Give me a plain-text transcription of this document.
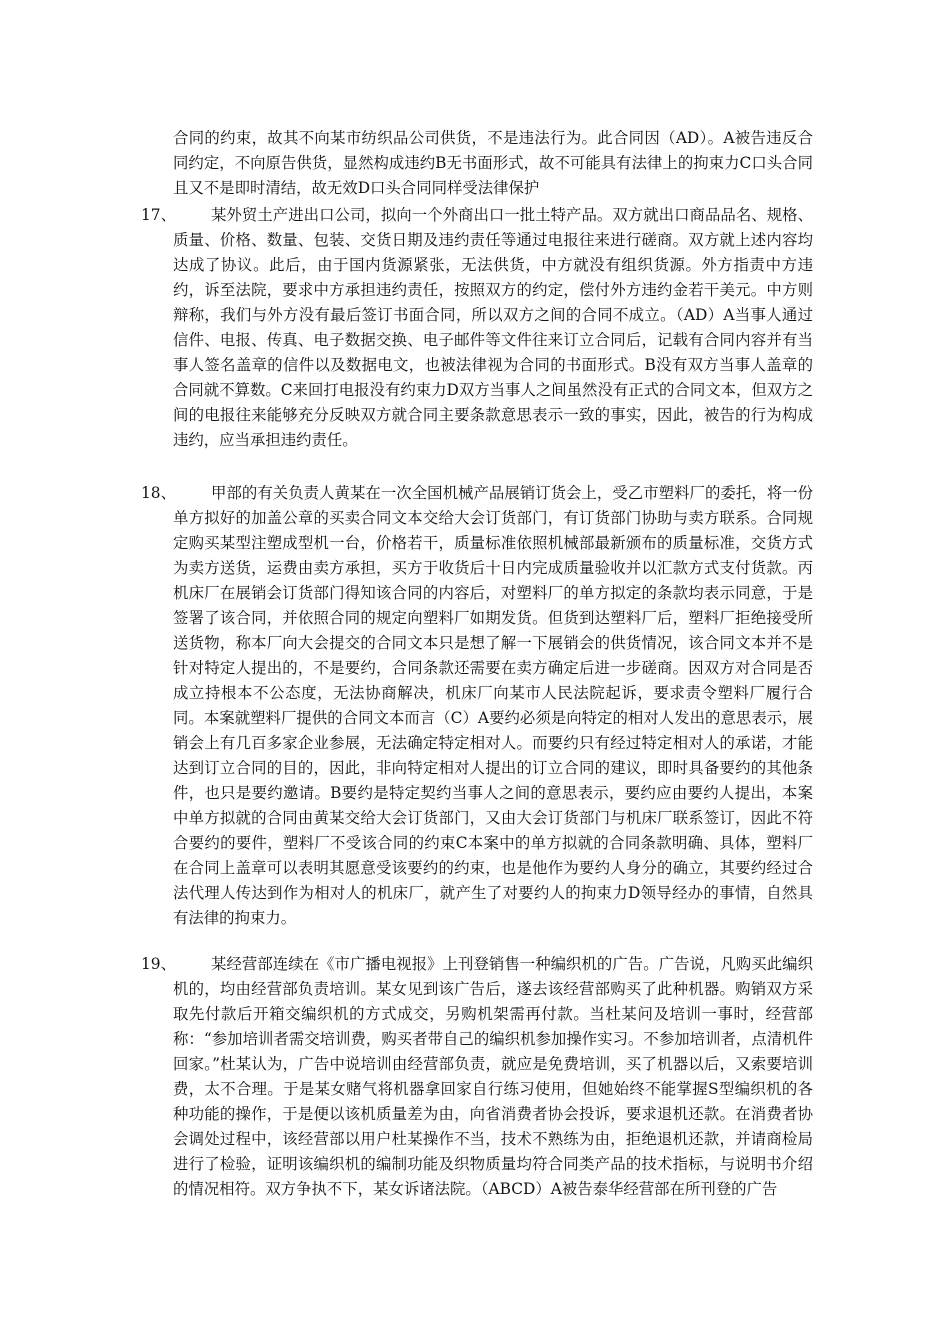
合同的约束，故其不向某市纺织品公司供货，不是违法行为。此合同因（AD）。A被告违反合同约定，不向原告供货，显然构成违约B无书面形式，故不可能具有法律上的拘束力C口头合同且又不是即时清结，故无效D口头合同同样受法律保护

17、 某外贸土产进出口公司，拟向一个外商出口一批土特产品。双方就出口商品品名、规格、质量、价格、数量、包装、交货日期及违约责任等通过电报往来进行磋商。双方就上述内容均达成了协议。此后，由于国内货源紧张，无法供货，中方就没有组织货源。外方指责中方违约，诉至法院，要求中方承担违约责任，按照双方的约定，偿付外方违约金若干美元。中方则辩称，我们与外方没有最后签订书面合同，所以双方之间的合同不成立。（AD）A当事人通过信件、电报、传真、电子数据交换、电子邮件等文件往来订立合同后，记载有合同内容并有当事人签名盖章的信件以及数据电文，也被法律视为合同的书面形式。B没有双方当事人盖章的合同就不算数。C来回打电报没有约束力D双方当事人之间虽然没有正式的合同文本，但双方之间的电报往来能够充分反映双方就合同主要条款意思表示一致的事实，因此，被告的行为构成违约，应当承担违约责任。

18、 甲部的有关负责人黄某在一次全国机械产品展销订货会上，受乙市塑料厂的委托，将一份单方拟好的加盖公章的买卖合同文本交给大会订货部门，有订货部门协助与卖方联系。合同规定购买某型注塑成型机一台，价格若干，质量标准依照机械部最新颁布的质量标准，交货方式为卖方送货，运费由卖方承担，买方于收货后十日内完成质量验收并以汇款方式支付货款。丙机床厂在展销会订货部门得知该合同的内容后，对塑料厂的单方拟定的条款均表示同意，于是签署了该合同，并依照合同的规定向塑料厂如期发货。但货到达塑料厂后，塑料厂拒绝接受所送货物，称本厂向大会提交的合同文本只是想了解一下展销会的供货情况，该合同文本并不是针对特定人提出的，不是要约，合同条款还需要在卖方确定后进一步磋商。因双方对合同是否成立持根本不公态度，无法协商解决，机床厂向某市人民法院起诉，要求责令塑料厂履行合同。本案就塑料厂提供的合同文本而言（C）A要约必须是向特定的相对人发出的意思表示，展销会上有几百多家企业参展，无法确定特定相对人。而要约只有经过特定相对人的承诺，才能达到订立合同的目的，因此，非向特定相对人提出的订立合同的建议，即时具备要约的其他条件，也只是要约邀请。B要约是特定契约当事人之间的意思表示，要约应由要约人提出，本案中单方拟就的合同由黄某交给大会订货部门，又由大会订货部门与机床厂联系签订，因此不符合要约的要件，塑料厂不受该合同的约束C本案中的单方拟就的合同条款明确、具体，塑料厂在合同上盖章可以表明其愿意受该要约的约束，也是他作为要约人身分的确立，其要约经过合法代理人传达到作为相对人的机床厂，就产生了对要约人的拘束力D领导经办的事情，自然具有法律的拘束力。

19、 某经营部连续在《市广播电视报》上刊登销售一种编织机的广告。广告说，凡购买此编织机的，均由经营部负责培训。某女见到该广告后，遂去该经营部购买了此种机器。购销双方采取先付款后开箱交编织机的方式成交，另购机架需再付款。当杜某问及培训一事时，经营部称：“参加培训者需交培训费，购买者带自己的编织机参加操作实习。不参加培训者，点清机件回家。”杜某认为，广告中说培训由经营部负责，就应是免费培训，买了机器以后，又索要培训费，太不合理。于是某女赌气将机器拿回家自行练习使用，但她始终不能掌握S型编织机的各种功能的操作，于是便以该机质量差为由，向省消费者协会投诉，要求退机还款。在消费者协会调处过程中，该经营部以用户杜某操作不当，技术不熟练为由，拒绝退机还款，并请商检局进行了检验，证明该编织机的编制功能及织物质量均符合同类产品的技术指标，与说明书介绍的情况相符。双方争执不下，某女诉诸法院。（ABCD）A被告泰华经营部在所刊登的广告
